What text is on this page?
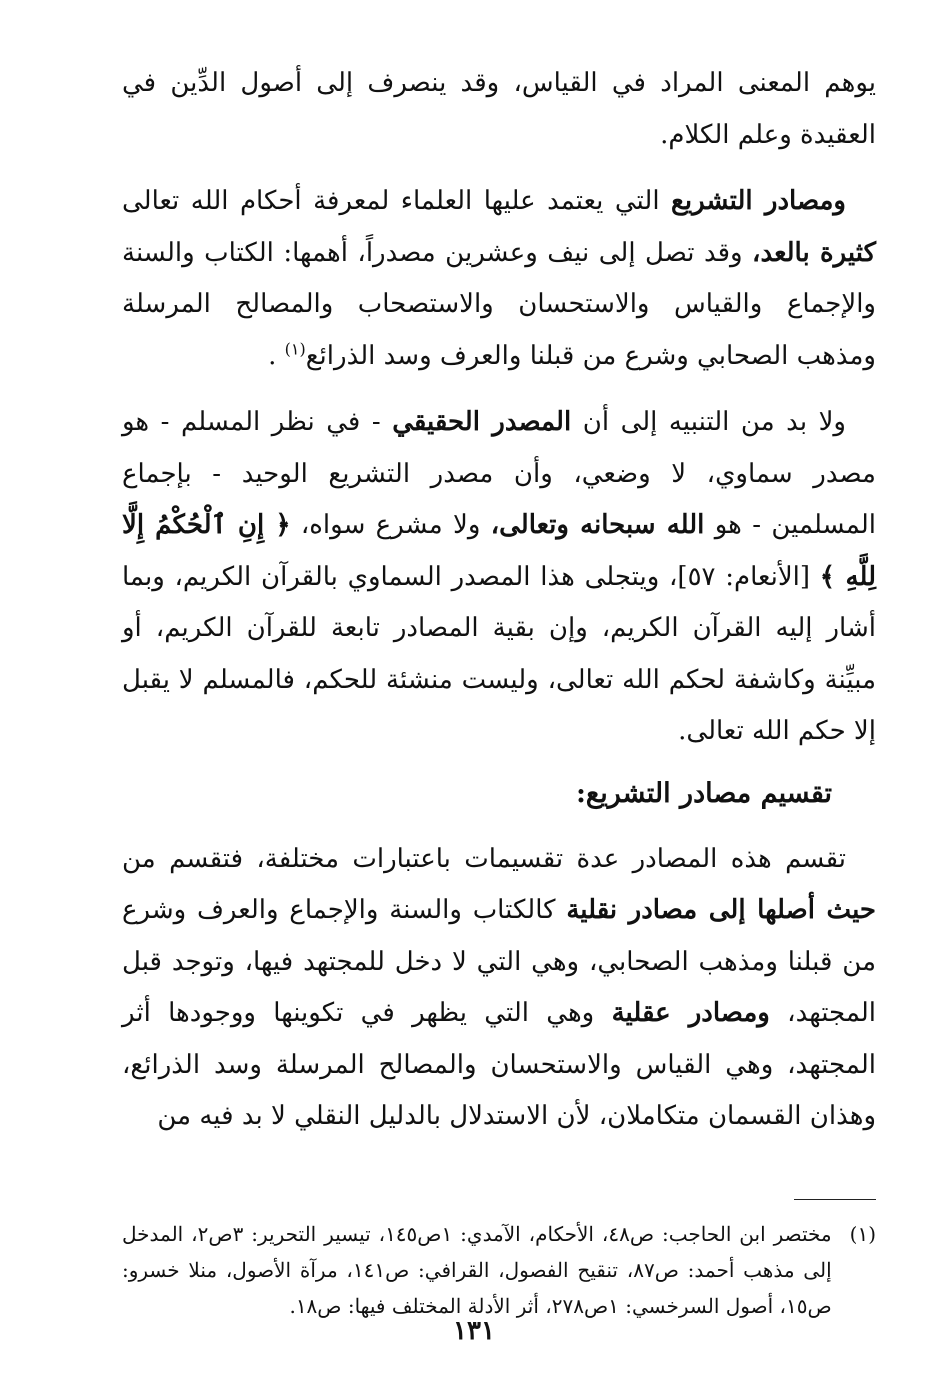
يوهم المعنى المراد في القياس، وقد ينصرف إلى أصول الدِّين في العقيدة وعلم الكلام.

ومصادر التشريع التي يعتمد عليها العلماء لمعرفة أحكام الله تعالى كثيرة بالعد، وقد تصل إلى نيف وعشرين مصدراً، أهمها: الكتاب والسنة والإجماع والقياس والاستحسان والاستصحاب والمصالح المرسلة ومذهب الصحابي وشرع من قبلنا والعرف وسد الذرائع$^{(١)}$ .

ولا بد من التنبيه إلى أن المصدر الحقيقي - في نظر المسلم - هو مصدر سماوي، لا وضعي، وأن مصدر التشريع الوحيد - بإجماع المسلمين - هو الله سبحانه وتعالى، ولا مشرع سواه، ﴿ إِنِ ٱلْحُكْمُ إِلَّا لِلَّهِ ﴾ [الأنعام: ٥٧]، ويتجلى هذا المصدر السماوي بالقرآن الكريم، وبما أشار إليه القرآن الكريم، وإن بقية المصادر تابعة للقرآن الكريم، أو مبيِّنة وكاشفة لحكم الله تعالى، وليست منشئة للحكم، فالمسلم لا يقبل إلا حكم الله تعالى.

تقسيم مصادر التشريع:

تقسم هذه المصادر عدة تقسيمات باعتبارات مختلفة، فتقسم من حيث أصلها إلى مصادر نقلية كالكتاب والسنة والإجماع والعرف وشرع من قبلنا ومذهب الصحابي، وهي التي لا دخل للمجتهد فيها، وتوجد قبل المجتهد، ومصادر عقلية وهي التي يظهر في تكوينها ووجودها أثر المجتهد، وهي القياس والاستحسان والمصالح المرسلة وسد الذرائع، وهذان القسمان متكاملان، لأن الاستدلال بالدليل النقلي لا بد فيه من

(١)
مختصر ابن الحاجب: ص٤٨، الأحكام، الآمدي: ١ص١٤٥، تيسير التحرير: ٣ص٢، المدخل إلى مذهب أحمد: ص٨٧، تنقيح الفصول، القرافي: ص١٤١، مرآة الأصول، منلا خسرو: ص١٥، أصول السرخسي: ١ص٢٧٨، أثر الأدلة المختلف فيها: ص١٨.
١٣١
